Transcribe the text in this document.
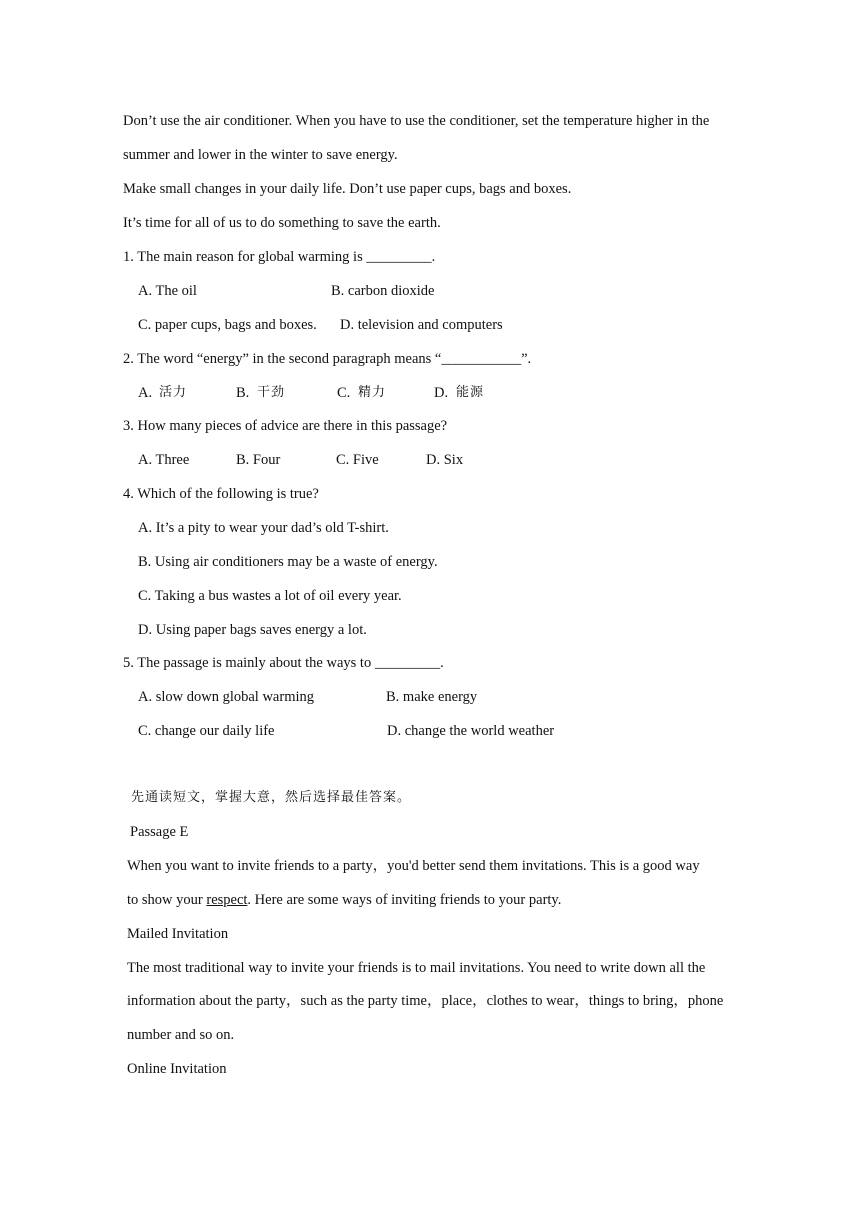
Don’t use the air conditioner. When you have to use the conditioner, set the temperature higher in the
summer and lower in the winter to save energy.
Make small changes in your daily life. Don’t use paper cups, bags and boxes.
It’s time for all of us to do something to save the earth.
1. The main reason for global warming is _________.
A. The oil	B. carbon dioxide
C. paper cups, bags and boxes. D. television and computers
2. The word “energy” in the second paragraph means “___________”.
A. 活力	B. 干劲	C. 精力	D. 能源
3. How many pieces of advice are there in this passage?
A. Three	B. Four	C. Five	D. Six
4. Which of the following is true?
A. It’s a pity to wear your dad’s old T-shirt.
B. Using air conditioners may be a waste of energy.
C. Taking a bus wastes a lot of oil every year.
D. Using paper bags saves energy a lot.
5. The passage is mainly about the ways to _________.
A. slow down global warming	B. make energy
C. change our daily life	D. change the world weather
先通读短文，掌握大意，然后选择最佳答案。
Passage E
When you want to invite friends to a party，you'd better send them invitations. This is a good way
to show your respect. Here are some ways of inviting friends to your party.
Mailed Invitation
The most traditional way to invite your friends is to mail invitations. You need to write down all the
information about the party，such as the party time，place，clothes to wear，things to bring，phone
number and so on.
Online Invitation
